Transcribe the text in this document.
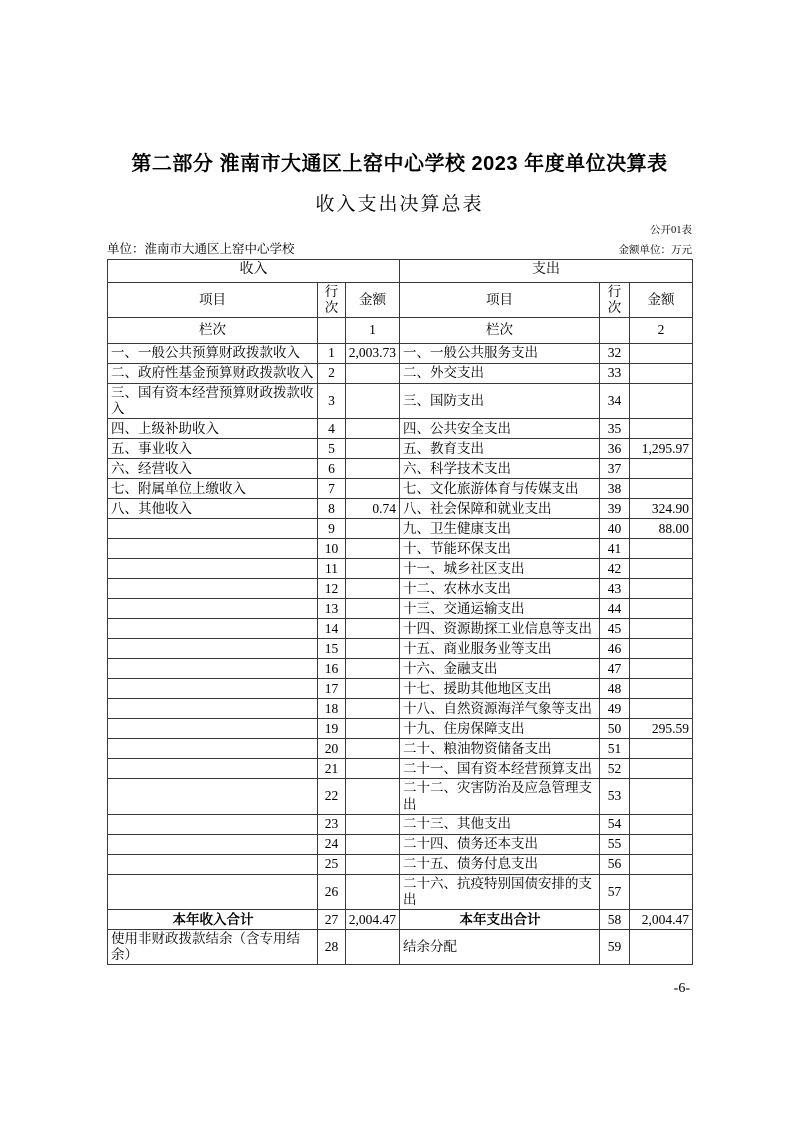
第二部分 淮南市大通区上窑中心学校 2023 年度单位决算表
收入支出决算总表
公开01表
单位：淮南市大通区上窑中心学校	金额单位：万元
收入			支出		
项目	行次	金额	项目	行次	金额
栏次		1	栏次		2
一、一般公共预算财政拨款收入	1	2,003.73	一、一般公共服务支出	32	
二、政府性基金预算财政拨款收入	2		二、外交支出	33	
三、国有资本经营预算财政拨款收入	3		三、国防支出	34	
四、上级补助收入	4		四、公共安全支出	35	
五、事业收入	5		五、教育支出	36	1,295.97
六、经营收入	6		六、科学技术支出	37	
七、附属单位上缴收入	7		七、文化旅游体育与传媒支出	38	
八、其他收入	8	0.74	八、社会保障和就业支出	39	324.90
	9		九、卫生健康支出	40	88.00
	10		十、节能环保支出	41	
	11		十一、城乡社区支出	42	
	12		十二、农林水支出	43	
	13		十三、交通运输支出	44	
	14		十四、资源勘探工业信息等支出	45	
	15		十五、商业服务业等支出	46	
	16		十六、金融支出	47	
	17		十七、援助其他地区支出	48	
	18		十八、自然资源海洋气象等支出	49	
	19		十九、住房保障支出	50	295.59
	20		二十、粮油物资储备支出	51	
	21		二十一、国有资本经营预算支出	52	
	22		二十二、灾害防治及应急管理支出	53	
	23		二十三、其他支出	54	
	24		二十四、债务还本支出	55	
	25		二十五、债务付息支出	56	
	26		二十六、抗疫特别国债安排的支出	57	
本年收入合计	27	2,004.47	本年支出合计	58	2,004.47
使用非财政拨款结余（含专用结余）	28		结余分配	59	
-6-
